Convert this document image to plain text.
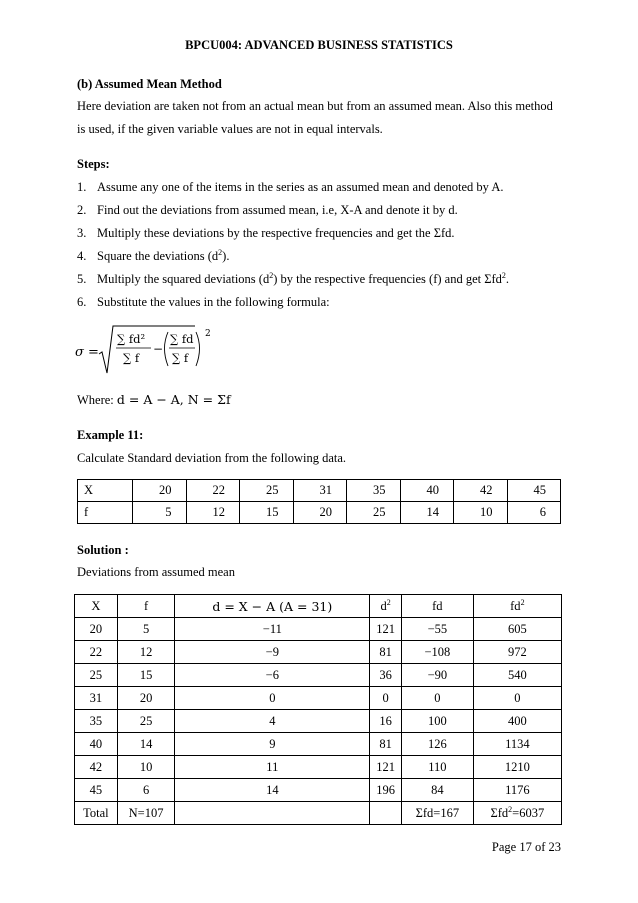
BPCU004: ADVANCED BUSINESS STATISTICS
(b) Assumed Mean Method
Here deviation are taken not from an actual mean but from an assumed mean. Also this method
is used, if the given variable values are not in equal intervals.
Steps:
1. Assume any one of the items in the series as an assumed mean and denoted by A.
2. Find out the deviations from assumed mean, i.e, X-A and denote it by d.
3. Multiply these deviations by the respective frequencies and get the Σfd.
4. Square the deviations $(d^2)$.
5. Multiply the squared deviations $(d^2)$ by the respective frequencies (f) and get Σfd$^2$.
6. Substitute the values in the following formula:
σ =
∑ fd²
∑ f
−
∑ fd
∑ f
2
Where: d = A − A, N = Σf
Example 11:
Calculate Standard deviation from the following data.
X	20	22	25	31	35	40	42	45
f	5	12	15	20	25	14	10	6
Solution :
Deviations from assumed mean
X	f	d = X − A (A = 31)	$d^2$	fd	$fd^2$
20	5	−11	121	−55	605
22	12	−9	81	−108	972
25	15	−6	36	−90	540
31	20	0	0	0	0
35	25	4	16	100	400
40	14	9	81	126	1134
42	10	11	121	110	1210
45	6	14	196	84	1176
Total	N=107			Σfd=167	Σfd$^2$=6037
Page 17 of 23
